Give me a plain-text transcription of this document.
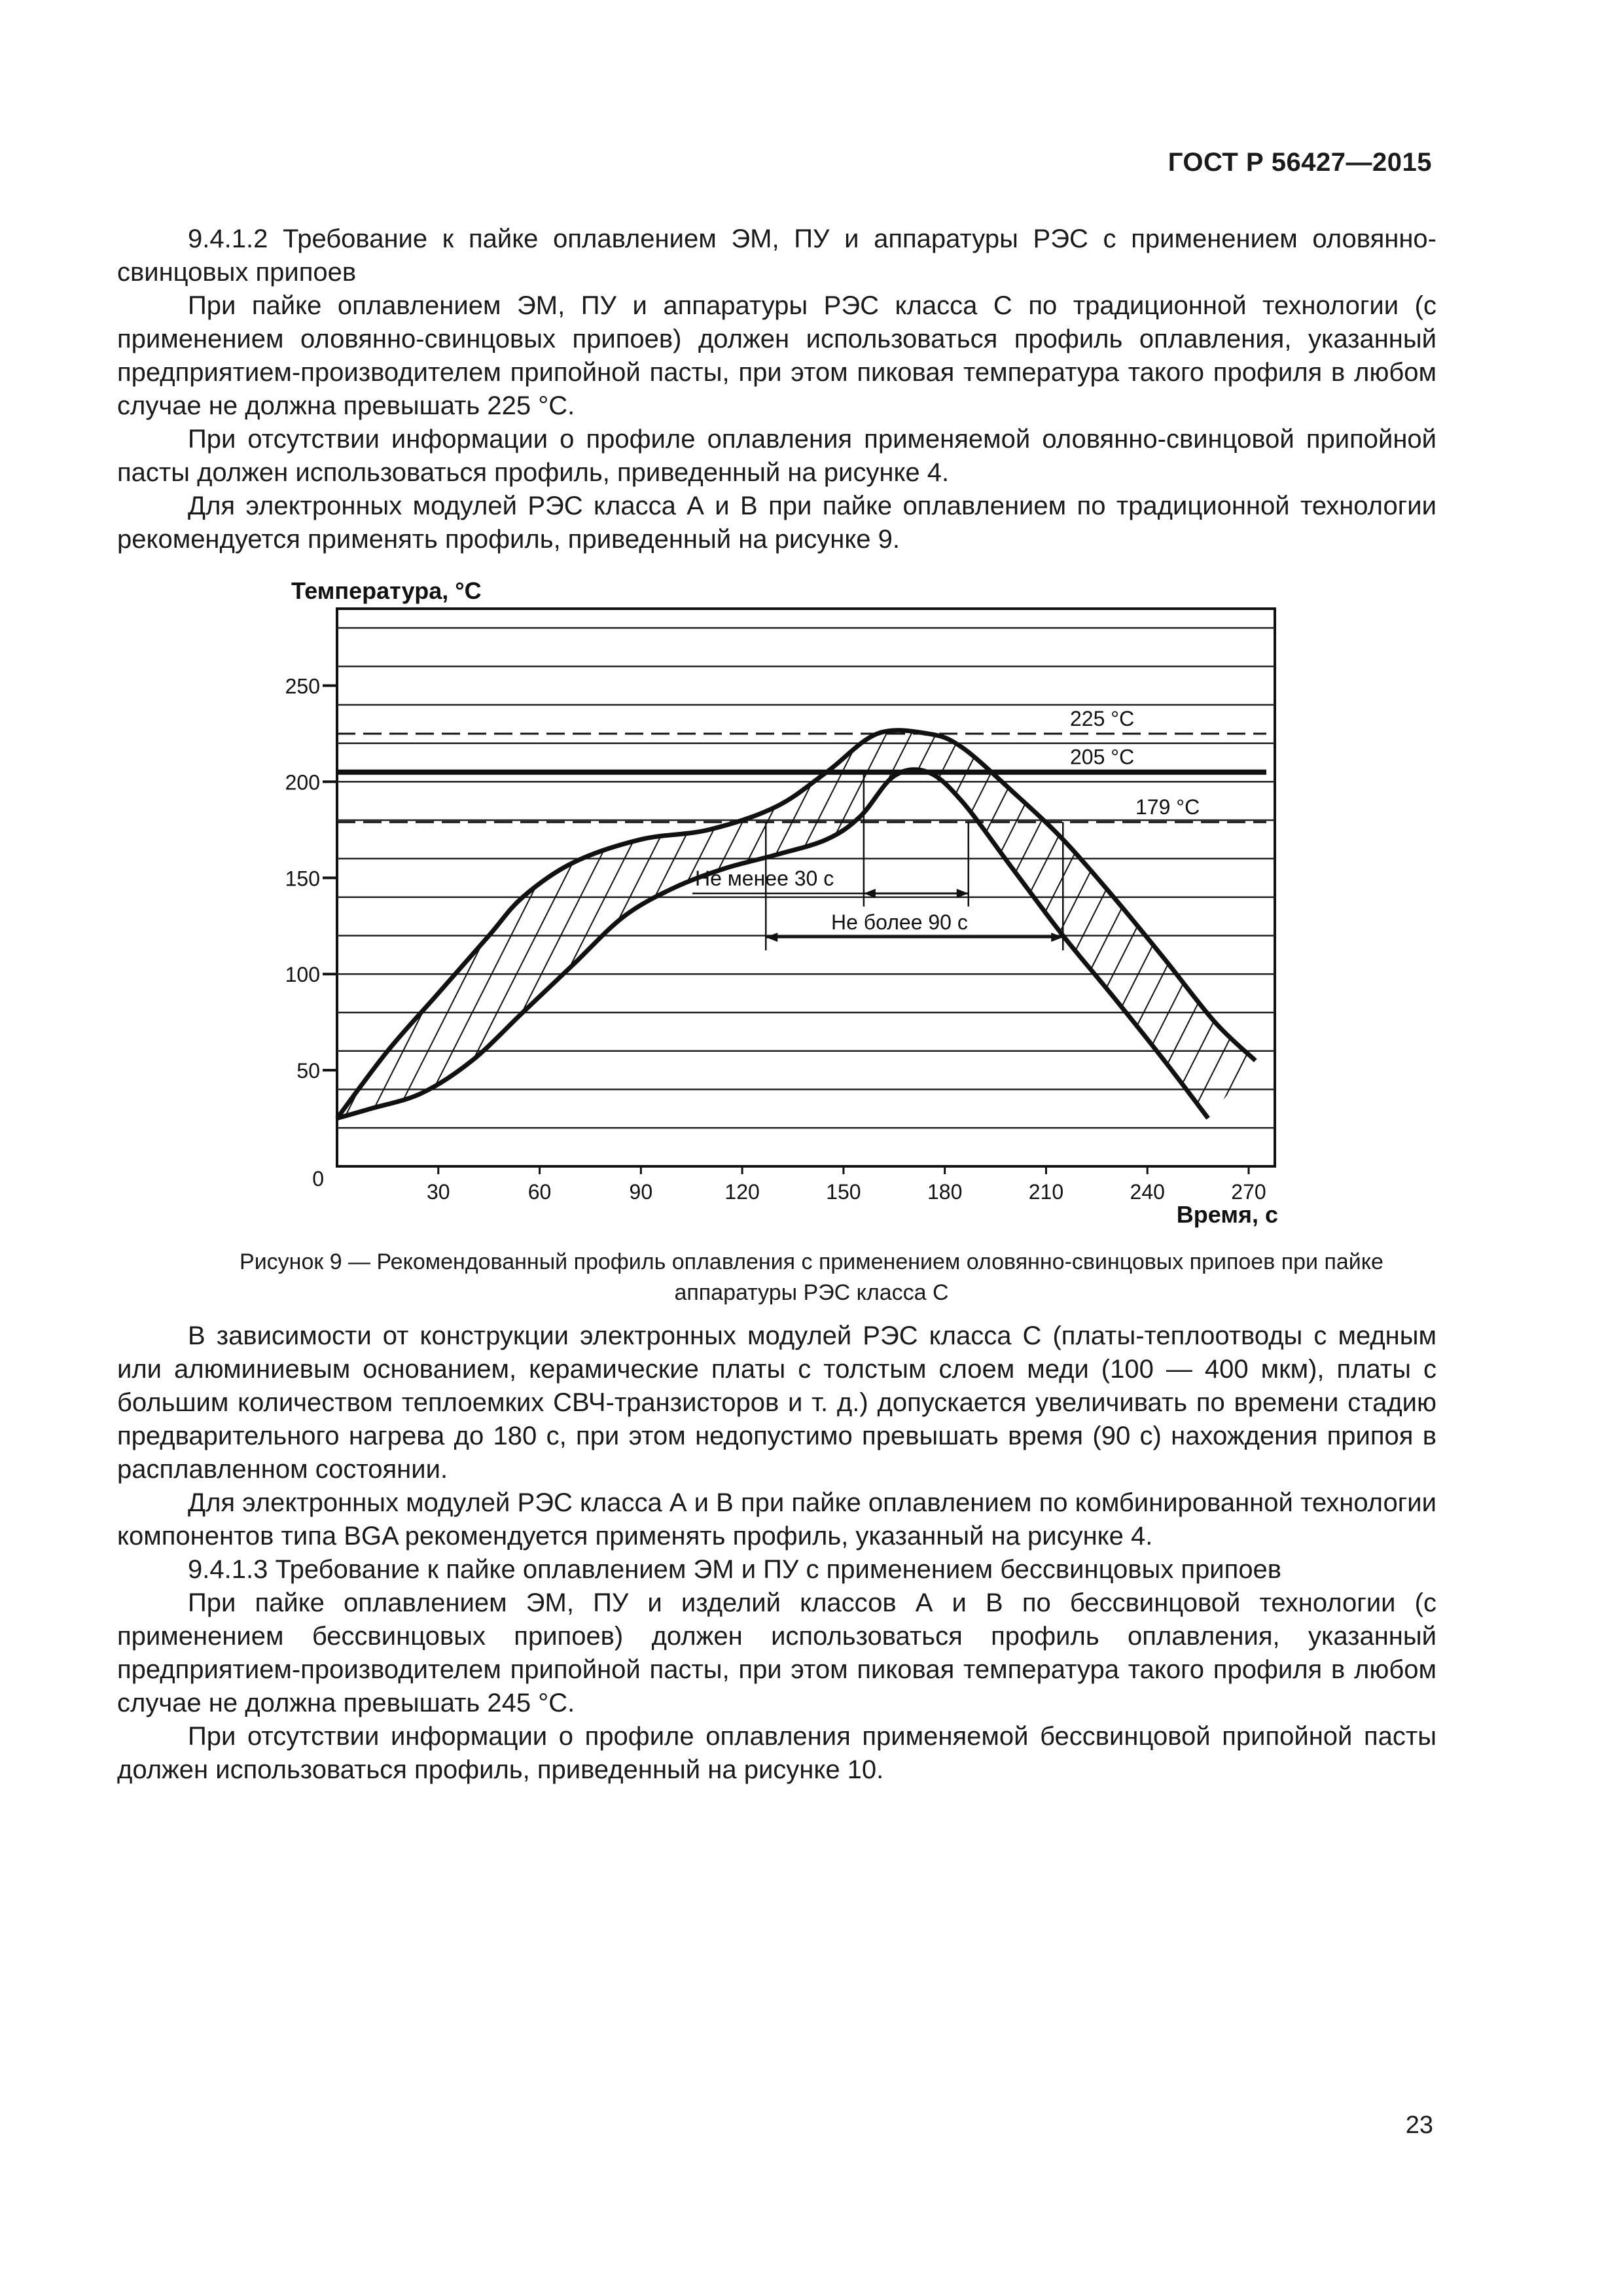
ГОСТ Р 56427—2015

9.4.1.2 Требование к пайке оплавлением ЭМ, ПУ и аппаратуры РЭС с применением оловянно-свинцовых припоев

При пайке оплавлением ЭМ, ПУ и аппаратуры РЭС класса С по традиционной технологии (с применением оловянно-свинцовых припоев) должен использоваться профиль оплавления, указанный предприятием-производителем припойной пасты, при этом пиковая температура такого профиля в любом случае не должна превышать 225 °С.

При отсутствии информации о профиле оплавления применяемой оловянно-свинцовой припойной пасты должен использоваться профиль, приведенный на рисунке 4.

Для электронных модулей РЭС класса А и В при пайке оплавлением по традиционной технологии рекомендуется применять профиль, приведенный на рисунке 9.

225 °С
205 °С
179 °С
Не менее 30 с
Не более 90 с
250
200
150
100
50
0
30	60	90	120	150	180	210	240	270
Температура, °С
Время, с
Рисунок 9 — Рекомендованный профиль оплавления с применением оловянно-свинцовых припоев при пайке
аппаратуры РЭС класса С

В зависимости от конструкции электронных модулей РЭС класса С (платы-теплоотводы с медным или алюминиевым основанием, керамические платы с толстым слоем меди (100 — 400 мкм), платы с большим количеством теплоемких СВЧ-транзисторов и т. д.) допускается увеличивать по времени стадию предварительного нагрева до 180 с, при этом недопустимо превышать время (90 с) нахождения припоя в расплавленном состоянии.

Для электронных модулей РЭС класса А и В при пайке оплавлением по комбинированной технологии компонентов типа BGA рекомендуется применять профиль, указанный на рисунке 4.

9.4.1.3 Требование к пайке оплавлением ЭМ и ПУ с применением бессвинцовых припоев

При пайке оплавлением ЭМ, ПУ и изделий классов А и В по бессвинцовой технологии (с применением бессвинцовых припоев) должен использоваться профиль оплавления, указанный предприятием-производителем припойной пасты, при этом пиковая температура такого профиля в любом случае не должна превышать 245 °С.

При отсутствии информации о профиле оплавления применяемой бессвинцовой припойной пасты должен использоваться профиль, приведенный на рисунке 10.

23
